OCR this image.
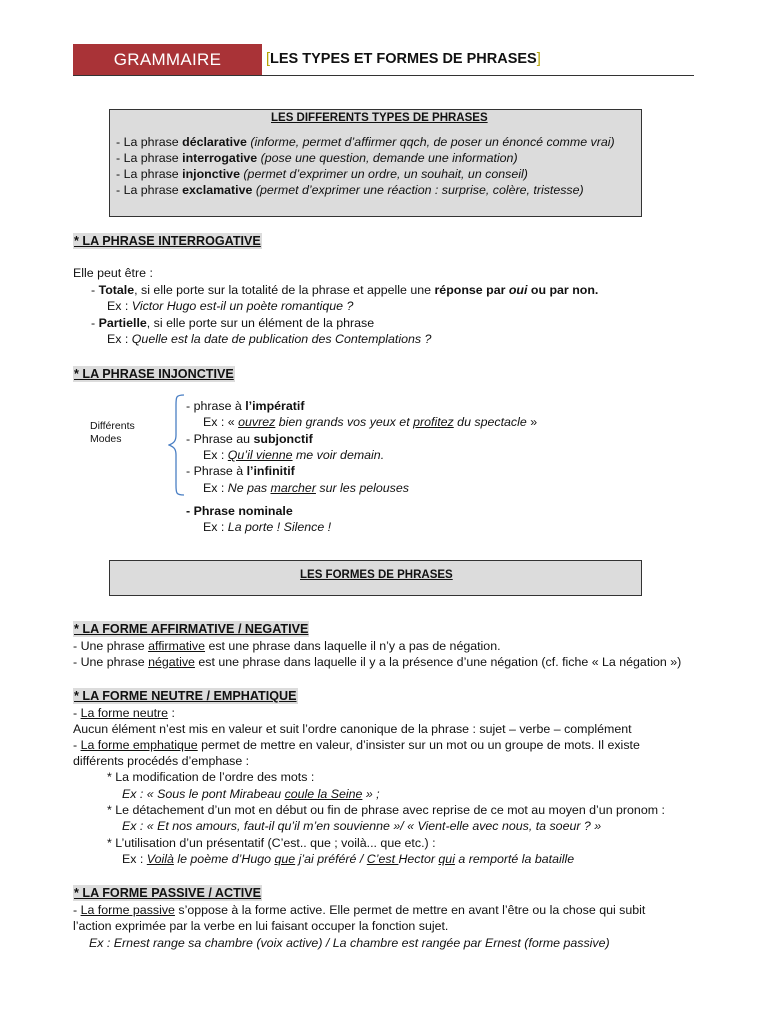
GRAMMAIRE	[LES TYPES ET FORMES DE PHRASES]
LES DIFFERENTS TYPES DE PHRASES
- La phrase déclarative (informe, permet d’affirmer qqch, de poser un énoncé comme vrai)
- La phrase interrogative (pose une question, demande une information)
- La phrase injonctive (permet d’exprimer un ordre, un souhait, un conseil)
- La phrase exclamative (permet d’exprimer une réaction : surprise, colère, tristesse)
* LA PHRASE INTERROGATIVE
Elle peut être :
- Totale, si elle porte sur la totalité de la phrase et appelle une réponse par oui ou par non.
Ex : Victor Hugo est-il un poète romantique ?
- Partielle, si elle porte sur un élément de la phrase
Ex : Quelle est la date de publication des Contemplations ?
* LA PHRASE INJONCTIVE
Différents
Modes
- phrase à l’impératif
Ex : « ouvrez bien grands vos yeux et profitez du spectacle »
- Phrase au subjonctif
Ex : Qu’il vienne me voir demain.
- Phrase à l’infinitif
Ex : Ne pas marcher sur les pelouses
- Phrase nominale
Ex : La porte ! Silence !
LES FORMES DE PHRASES
* LA FORME AFFIRMATIVE / NEGATIVE
- Une phrase affirmative est une phrase dans laquelle il n’y a pas de négation.
- Une phrase négative est une phrase dans laquelle il y a la présence d’une négation (cf. fiche « La négation »)
* LA FORME NEUTRE / EMPHATIQUE
- La forme neutre :
Aucun élément n’est mis en valeur et suit l’ordre canonique de la phrase : sujet – verbe – complément
- La forme emphatique permet de mettre en valeur, d’insister sur un mot ou un groupe de mots. Il existe
différents procédés d’emphase :
* La modification de l’ordre des mots :
Ex : « Sous le pont Mirabeau coule la Seine » ;
* Le détachement d’un mot en début ou fin de phrase avec reprise de ce mot au moyen d’un pronom :
Ex : « Et nos amours, faut-il qu’il m’en souvienne »/ « Vient-elle avec nous, ta soeur ? »
* L’utilisation d’un présentatif (C’est.. que ; voilà... que etc.) :
Ex : Voilà le poème d’Hugo que j’ai préféré / C’est Hector qui a remporté la bataille
* LA FORME PASSIVE / ACTIVE
- La forme passive s’oppose à la forme active. Elle permet de mettre en avant l’être ou la chose qui subit
l’action exprimée par la verbe en lui faisant occuper la fonction sujet.
Ex : Ernest range sa chambre (voix active) / La chambre est rangée par Ernest (forme passive)
